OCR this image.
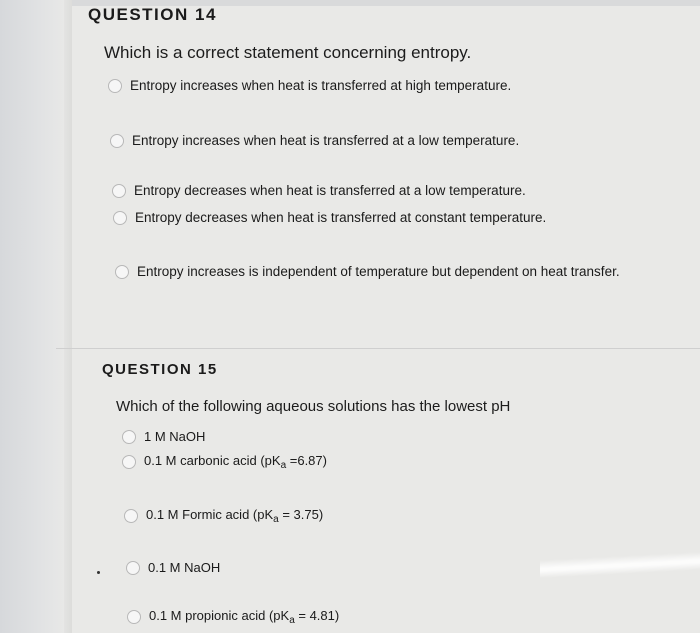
QUESTION 14
Which is a correct statement concerning entropy.
Entropy increases when heat is transferred at high temperature.
Entropy increases when heat is transferred at a low temperature.
Entropy decreases when heat is transferred at a low temperature.
Entropy decreases when heat is transferred at constant temperature.
Entropy increases is independent of temperature but dependent on heat transfer.
QUESTION 15
Which of the following aqueous solutions has the lowest pH
1 M NaOH
0.1 M carbonic acid $(pK_a =6.87)$
0.1 M Formic acid $(pK_a = 3.75)$
0.1 M NaOH
0.1 M propionic acid $(pK_a = 4.81)$
